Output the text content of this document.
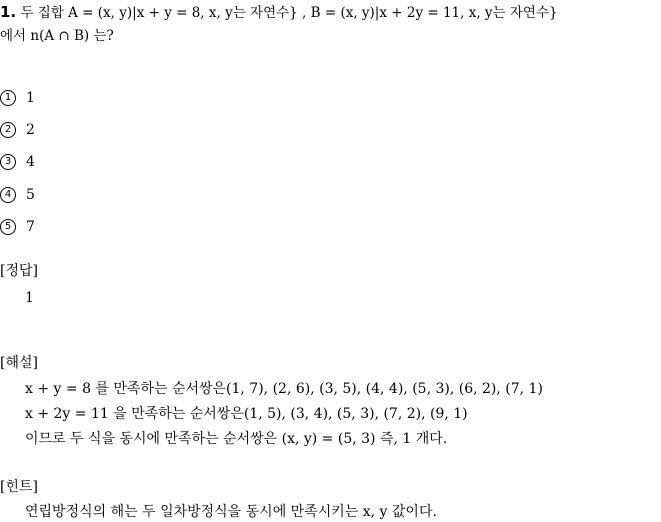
1. 두 집합 A = (x, y)|x + y = 8, x, y는 자연수} , B = (x, y)|x + 2y = 11, x, y는 자연수}
에서 n(A ∩ B) 는?
1	1
2	2
3	4
4	5
5	7
[정답]
1
[해설]
x + y = 8 를 만족하는 순서쌍은(1, 7), (2, 6), (3, 5), (4, 4), (5, 3), (6, 2), (7, 1)
x + 2y = 11 을 만족하는 순서쌍은(1, 5), (3, 4), (5, 3), (7, 2), (9, 1)
이므로 두 식을 동시에 만족하는 순서쌍은 (x, y) = (5, 3) 즉, 1 개다.
[힌트]
연립방정식의 해는 두 일차방정식을 동시에 만족시키는 x, y 값이다.
